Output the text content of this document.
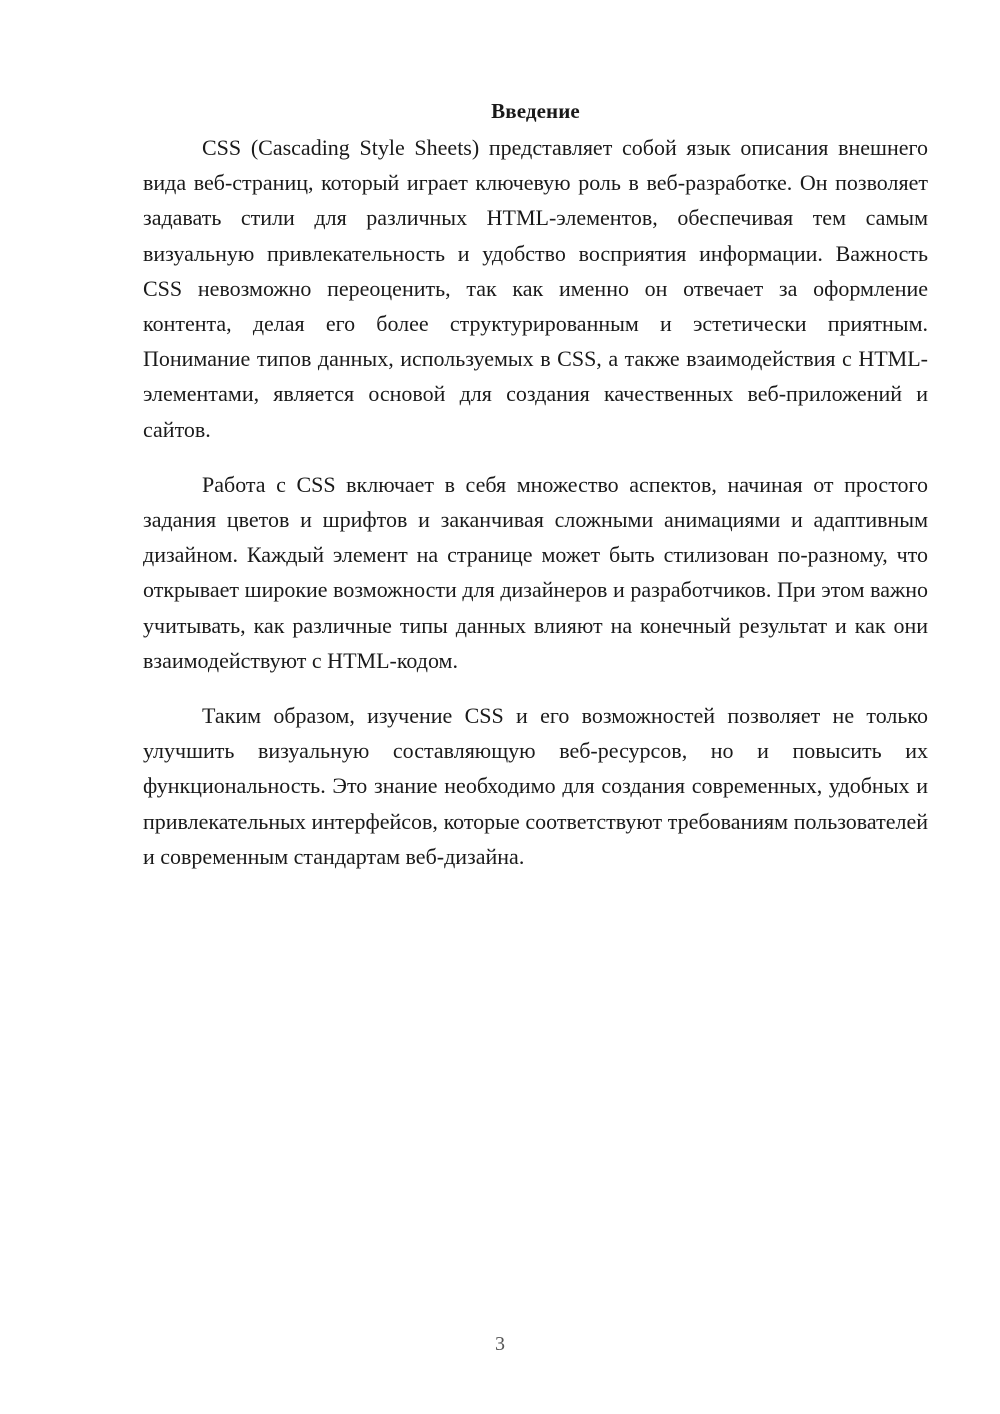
Введение

CSS (Cascading Style Sheets) представляет собой язык описания внешнего вида веб-страниц, который играет ключевую роль в веб-разработке. Он позволяет задавать стили для различных HTML-элементов, обеспечивая тем самым визуальную привлекательность и удобство восприятия информации. Важность CSS невозможно переоценить, так как именно он отвечает за оформление контента, делая его более структурированным и эстетически приятным. Понимание типов данных, используемых в CSS, а также взаимодействия с HTML-элементами, является основой для создания качественных веб-приложений и сайтов.

Работа с CSS включает в себя множество аспектов, начиная от простого задания цветов и шрифтов и заканчивая сложными анимациями и адаптивным дизайном. Каждый элемент на странице может быть стилизован по-разному, что открывает широкие возможности для дизайнеров и разработчиков. При этом важно учитывать, как различные типы данных влияют на конечный результат и как они взаимодействуют с HTML-кодом.

Таким образом, изучение CSS и его возможностей позволяет не только улучшить визуальную составляющую веб-ресурсов, но и повысить их функциональность. Это знание необходимо для создания современных, удобных и привлекательных интерфейсов, которые соответствуют требованиям пользователей и современным стандартам веб-дизайна.

3
